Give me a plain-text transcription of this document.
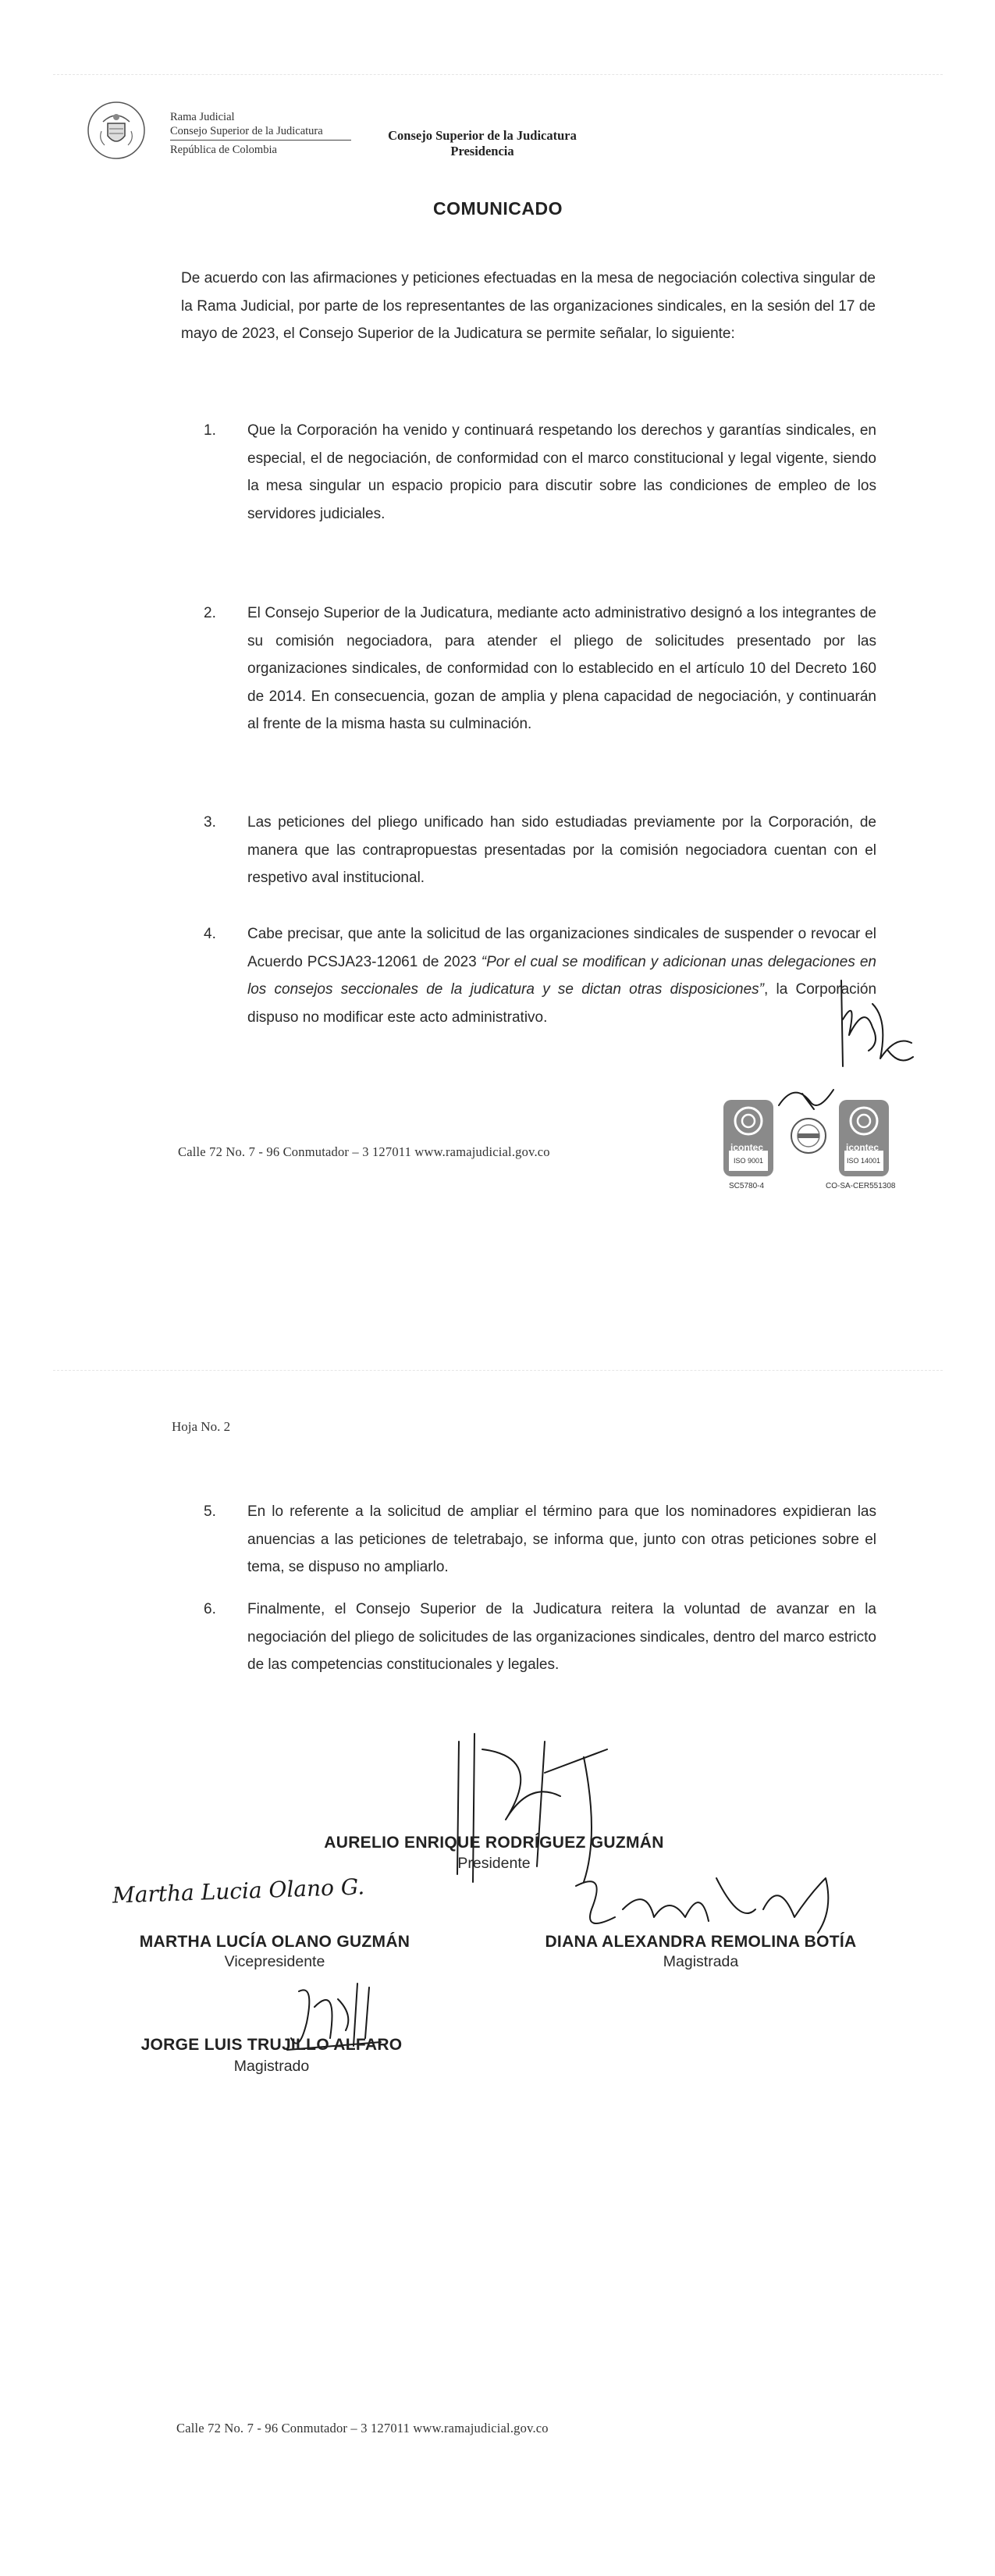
Rama Judicial
Consejo Superior de la Judicatura
República de Colombia
Consejo Superior de la Judicatura
Presidencia
COMUNICADO
De acuerdo con las afirmaciones y peticiones efectuadas en la mesa de negociación colectiva singular de la Rama Judicial, por parte de los representantes de las organizaciones sindicales, en la sesión del 17 de mayo de 2023, el Consejo Superior de la Judicatura se permite señalar, lo siguiente:
1. Que la Corporación ha venido y continuará respetando los derechos y garantías sindicales, en especial, el de negociación, de conformidad con el marco constitucional y legal vigente, siendo la mesa singular un espacio propicio para discutir sobre las condiciones de empleo de los servidores judiciales.
2. El Consejo Superior de la Judicatura, mediante acto administrativo designó a los integrantes de su comisión negociadora, para atender el pliego de solicitudes presentado por las organizaciones sindicales, de conformidad con lo establecido en el artículo 10 del Decreto 160 de 2014. En consecuencia, gozan de amplia y plena capacidad de negociación, y continuarán al frente de la misma hasta su culminación.
3. Las peticiones del pliego unificado han sido estudiadas previamente por la Corporación, de manera que las contrapropuestas presentadas por la comisión negociadora cuentan con el respetivo aval institucional.
4. Cabe precisar, que ante la solicitud de las organizaciones sindicales de suspender o revocar el Acuerdo PCSJA23-12061 de 2023 “Por el cual se modifican y adicionan unas delegaciones en los consejos seccionales de la judicatura y se dictan otras disposiciones”, la Corporación dispuso no modificar este acto administrativo.
Calle 72 No. 7 - 96 Conmutador – 3 127011 www.ramajudicial.gov.co	icontec
ISO 9001
icontec
ISO 14001
SC5780-4	CO-SA-CER551308
Hoja No. 2
5. En lo referente a la solicitud de ampliar el término para que los nominadores expidieran las anuencias a las peticiones de teletrabajo, se informa que, junto con otras peticiones sobre el tema, se dispuso no ampliarlo.
6. Finalmente, el Consejo Superior de la Judicatura reitera la voluntad de avanzar en la negociación del pliego de solicitudes de las organizaciones sindicales, dentro del marco estricto de las competencias constitucionales y legales.
AURELIO ENRIQUE RODRÍGUEZ GUZMÁN
Presidente
Martha Lucia Olano G.
MARTHA LUCÍA OLANO GUZMÁN
Vicepresidente
DIANA ALEXANDRA REMOLINA BOTÍA
Magistrada
JORGE LUIS TRUJILLO ALFARO
Magistrado
Calle 72 No. 7 - 96 Conmutador – 3 127011 www.ramajudicial.gov.co
